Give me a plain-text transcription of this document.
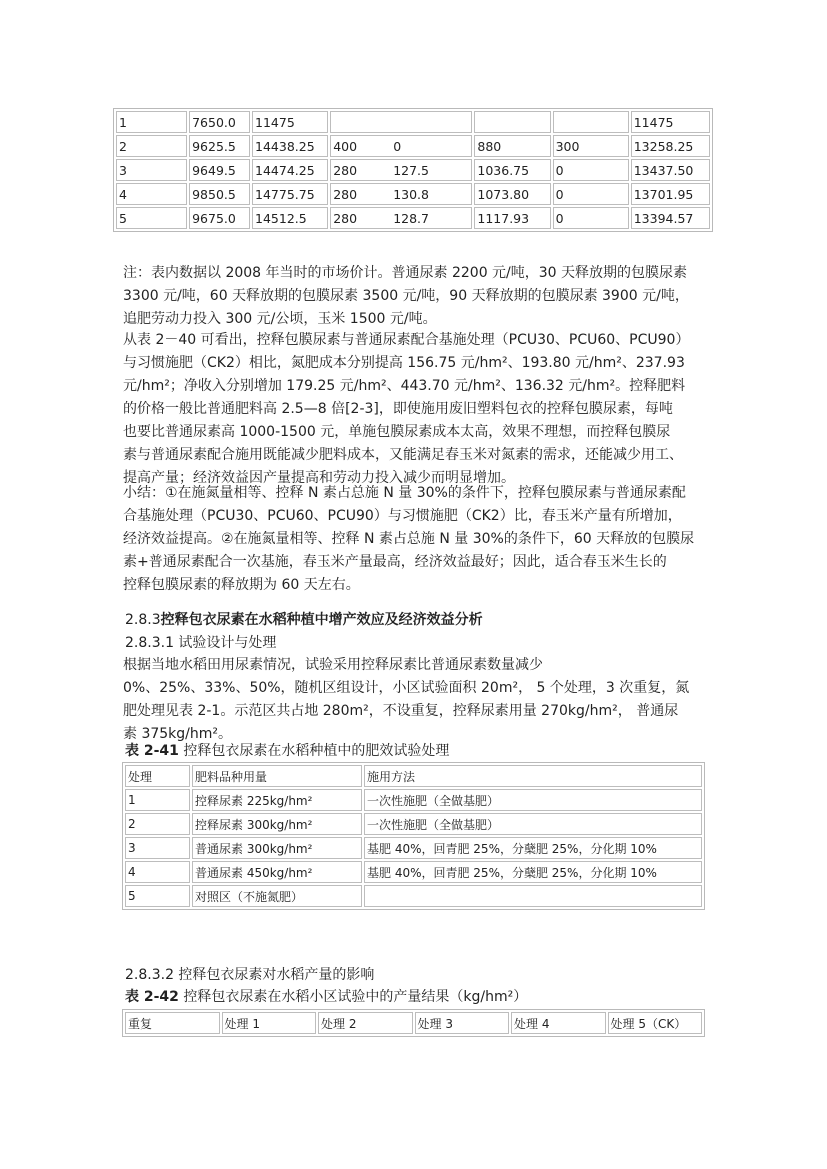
1	7650.0	11475				11475
2	9625.5	14438.25	400 0	880	300	13258.25
3	9649.5	14474.25	280 127.5	1036.75	0	13437.50
4	9850.5	14775.75	280 130.8	1073.80	0	13701.95
5	9675.0	14512.5	280 128.7	1117.93	0	13394.57

注：表内数据以 2008 年当时的市场价计。普通尿素 2200 元/吨，30 天释放期的包膜尿素

3300 元/吨，60 天释放期的包膜尿素 3500 元/吨，90 天释放期的包膜尿素 3900 元/吨，

追肥劳动力投入 300 元/公顷，玉米 1500 元/吨。

从表 2－40 可看出，控释包膜尿素与普通尿素配合基施处理（PCU30、PCU60、PCU90）

与习惯施肥（CK2）相比，氮肥成本分别提高 156.75 元/hm²、193.80 元/hm²、237.93

元/hm²；净收入分别增加 179.25 元/hm²、443.70 元/hm²、136.32 元/hm²。控释肥料

的价格一般比普通肥料高 2.5—8 倍[2-3]，即使施用废旧塑料包衣的控释包膜尿素，每吨

也要比普通尿素高 1000-1500 元，单施包膜尿素成本太高，效果不理想，而控释包膜尿

素与普通尿素配合施用既能减少肥料成本，又能满足春玉米对氮素的需求，还能减少用工、

提高产量；经济效益因产量提高和劳动力投入减少而明显增加。

小结：①在施氮量相等、控释 N 素占总施 N 量 30%的条件下，控释包膜尿素与普通尿素配

合基施处理（PCU30、PCU60、PCU90）与习惯施肥（CK2）比，春玉米产量有所增加，

经济效益提高。②在施氮量相等、控释 N 素占总施 N 量 30%的条件下，60 天释放的包膜尿

素+普通尿素配合一次基施，春玉米产量最高，经济效益最好；因此，适合春玉米生长的

控释包膜尿素的释放期为 60 天左右。

2.8.3控释包衣尿素在水稻种植中增产效应及经济效益分析
2.8.3.1 试验设计与处理

根据当地水稻田用尿素情况，试验采用控释尿素比普通尿素数量减少

0%、25%、33%、50%，随机区组设计，小区试验面积 20m²， 5 个处理，3 次重复，氮

肥处理见表 2-1。示范区共占地 280m²，不设重复，控释尿素用量 270kg/hm²， 普通尿

素 375kg/hm²。

表 2-41 控释包衣尿素在水稻种植中的肥效试验处理
处理	肥料品种用量	施用方法
1	控释尿素 225kg/hm²	一次性施肥（全做基肥）
2	控释尿素 300kg/hm²	一次性施肥（全做基肥）
3	普通尿素 300kg/hm²	基肥 40%，回青肥 25%，分蘖肥 25%，分化期 10%
4	普通尿素 450kg/hm²	基肥 40%，回青肥 25%，分蘖肥 25%，分化期 10%
5	对照区（不施氮肥）	
2.8.3.2 控释包衣尿素对水稻产量的影响
表 2-42 控释包衣尿素在水稻小区试验中的产量结果（kg/hm²）
重复	处理 1	处理 2	处理 3	处理 4	处理 5（CK）
